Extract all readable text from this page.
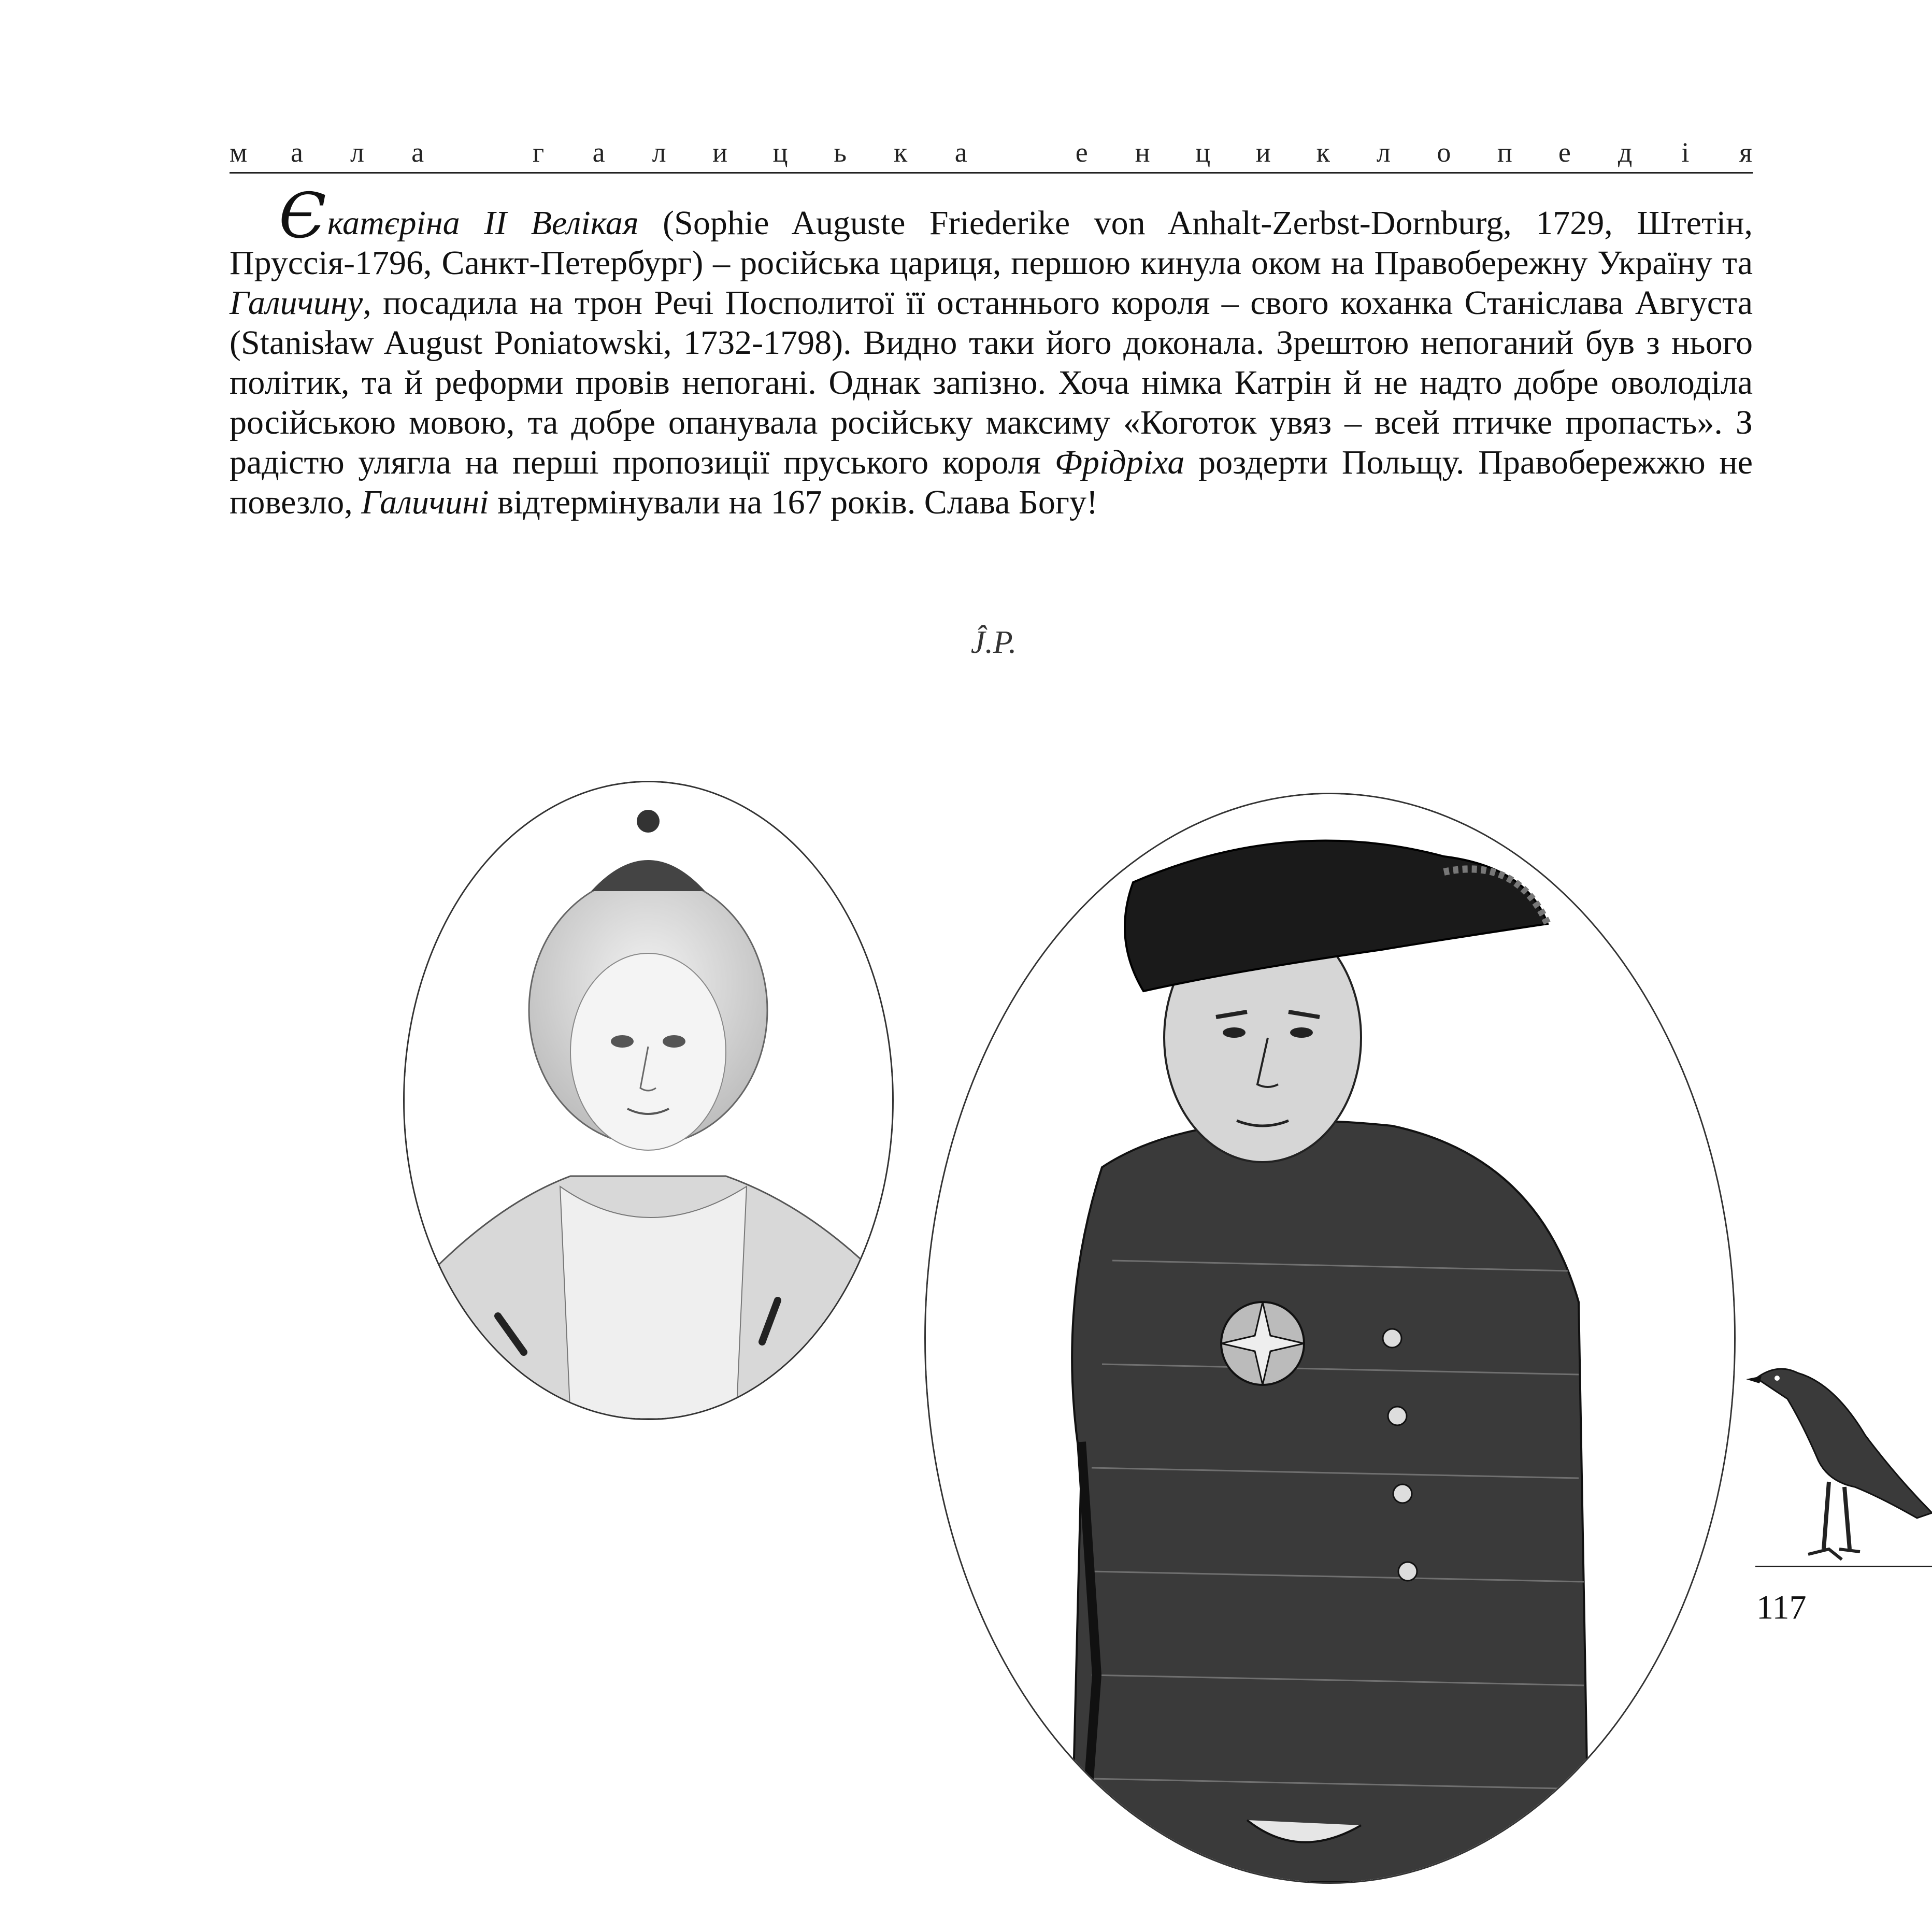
м а л а
	г а л и ц ь к а
	е н ц и к л о п е д і я

Єкатєріна II Велікая (Sophie Auguste Friederike von Anhalt-Zerbst-Dornburg, 1729, Штетін, Пруссія-1796, Санкт-Петербург) – російська цариця, першою кинула оком на Правобережну Україну та Галичину, посадила на трон Речі Посполитої її останнього короля – свого коханка Станіслава Августа (Stanisław August Poniatowski, 1732-1798). Видно таки його доконала. Зрештою непоганий був з нього політик, та й реформи провів непогані. Однак запізно. Хоча німка Катрін й не надто добре оволоділа російською мовою, та добре опанувала російську максиму «Коготок увяз – всей птичке пропасть». З радістю улягла на перші пропозиції пруського короля Фрідріха роздерти Польщу. Правобережжю не повезло, Галичині відтермінували на 167 років. Слава Богу!

Ĵ.P.
117
